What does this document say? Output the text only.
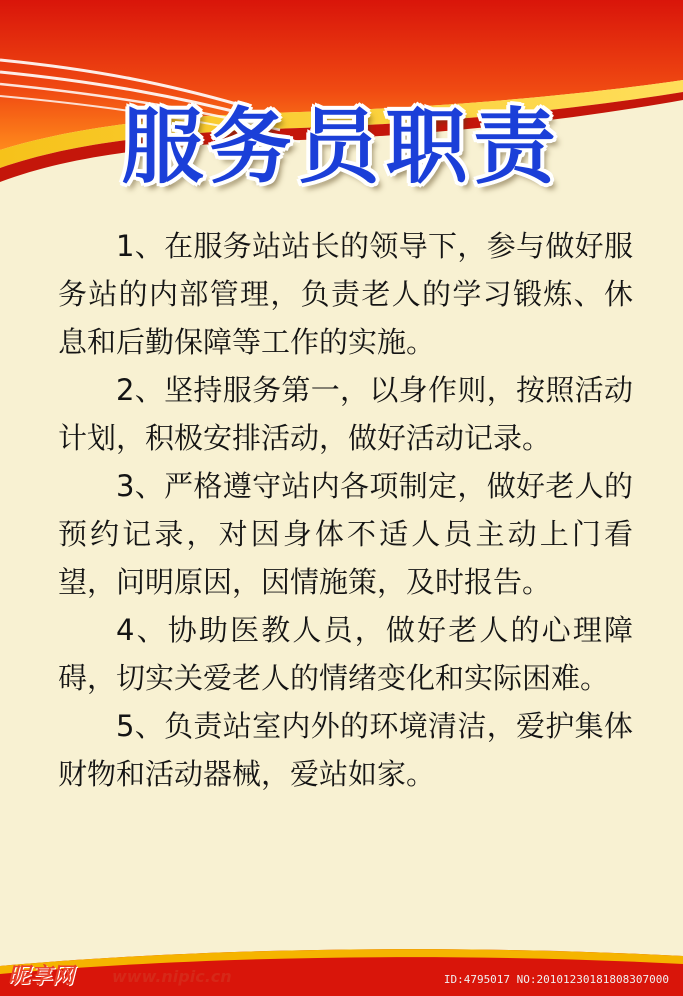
服务员职责

1、在服务站站长的领导下，参与做好服务站的内部管理，负责老人的学习锻炼、休息和后勤保障等工作的实施。

2、坚持服务第一，以身作则，按照活动计划，积极安排活动，做好活动记录。

3、严格遵守站内各项制定，做好老人的预约记录，对因身体不适人员主动上门看望，问明原因，因情施策，及时报告。

4、协助医教人员，做好老人的心理障碍，切实关爱老人的情绪变化和实际困难。

5、负责站室内外的环境清洁，爱护集体财物和活动器械，爱站如家。

昵享网 www.nipic.cn	ID:4795017 NO:20101230181808307000
